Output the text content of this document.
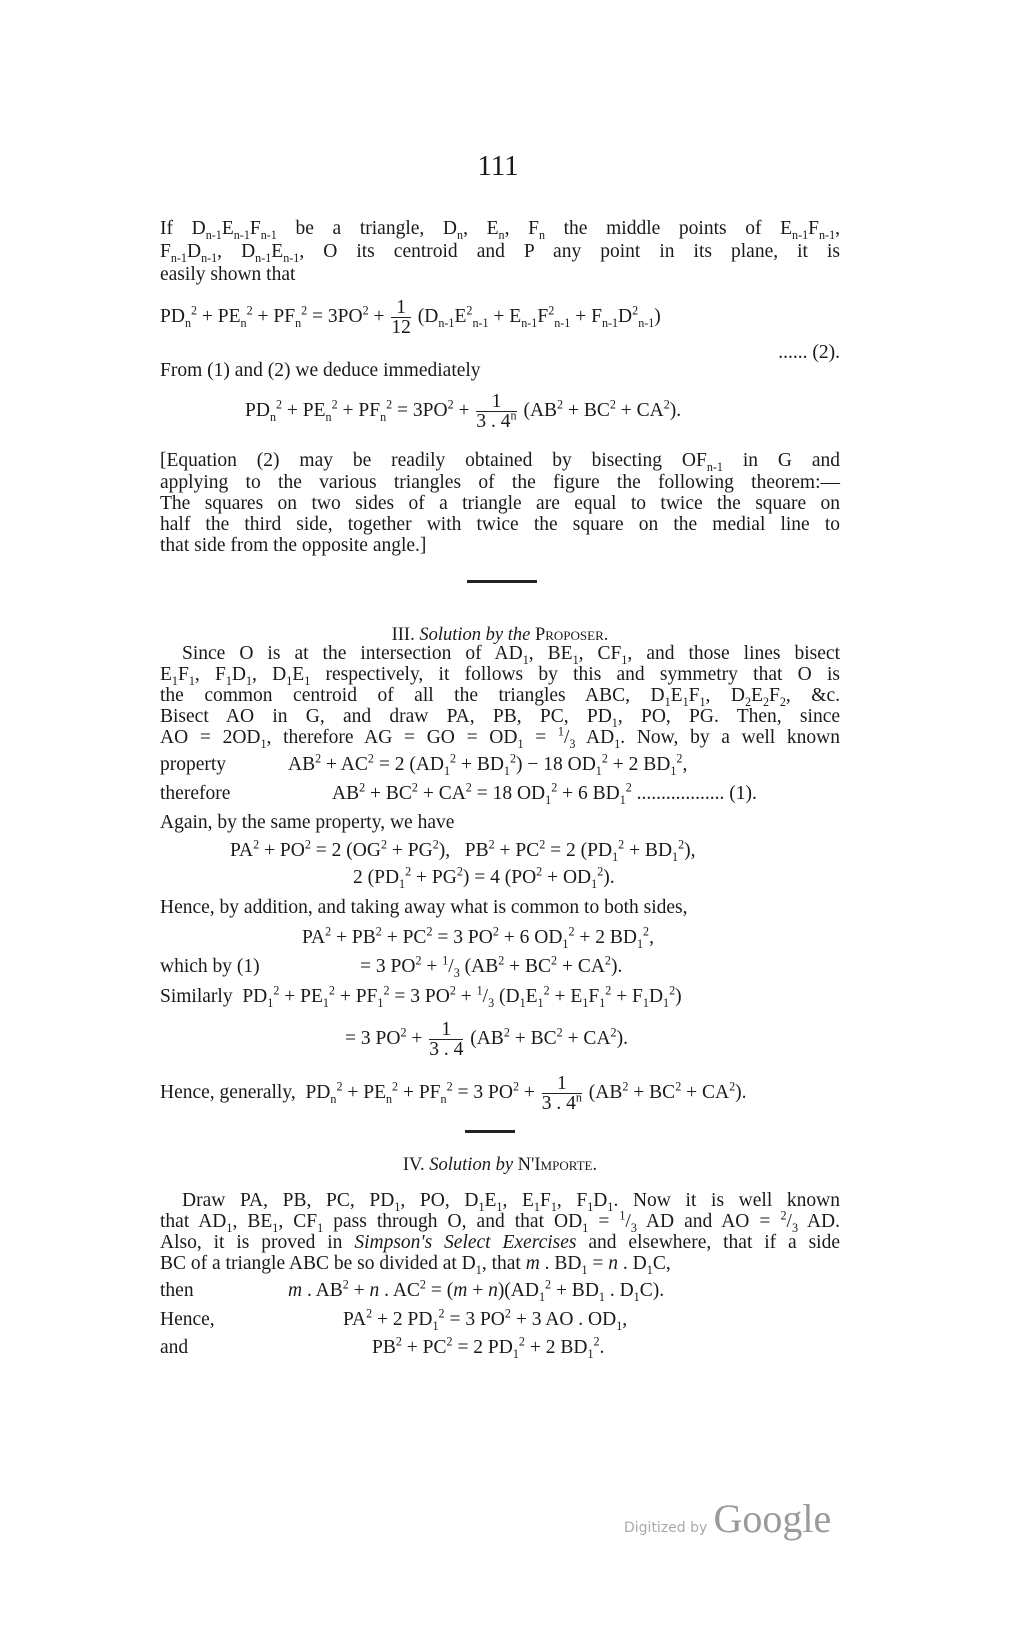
111
If $D_{n-1}E_{n-1}F_{n-1}$ be a triangle, $D_n$, $E_n$, $F_n$ the middle points of $E_{n-1}F_{n-1}$,
$F_{n-1}D_{n-1}$, $D_{n-1}E_{n-1}$, O its centroid and P any point in its plane, it is
easily shown that
$PD_n^2 + PE_n^2 + PF_n^2 = 3PO^2 + \frac{1}{12} (D_{n-1}E^2_{n-1} + E_{n-1}F^2_{n-1} + F_{n-1}D^2_{n-1})$
...... (2).
From (1) and (2) we deduce immediately
$PD_n^2 + PE_n^2 + PF_n^2 = 3PO^2 + \frac{1}{3 . 4^n} (AB^2 + BC^2 + CA^2)$.
[Equation (2) may be readily obtained by bisecting $OF_{n-1}$ in G and
applying to the various triangles of the figure the following theorem:—
The squares on two sides of a triangle are equal to twice the square on
half the third side, together with twice the square on the medial line to
that side from the opposite angle.]
III. Solution by the Proposer.
Since O is at the intersection of $AD_1$, $BE_1$, $CF_1$, and those lines bisect
$E_1F_1$, $F_1D_1$, $D_1E_1$ respectively, it follows by this and symmetry that O is
the common centroid of all the triangles ABC, $D_1E_1F_1$, $D_2E_2F_2$, &c.
Bisect AO in G, and draw PA, PB, PC, $PD_1$, PO, PG. Then, since
AO = $2OD_1$, therefore AG = GO = $OD_1 = ^1/_3$ $AD_1$. Now, by a well known
property	$AB^2 + AC^2 = 2$ $(AD_1^2 + BD_1^2) - 18$ $OD_1^2 + 2$ $BD_1^2$,
therefore	$AB^2 + BC^2 + CA^2 = 18$ $OD_1^2 + 6$ $BD_1^2$ .................. (1).
Again, by the same property, we have
$PA^2 + PO^2 = 2$ $(OG^2 + PG^2)$,   $PB^2 + PC^2 = 2$ $(PD_1^2 + BD_1^2)$,
2 $(PD_1^2 + PG^2) = 4$ $(PO^2 + OD_1^2)$.
Hence, by addition, and taking away what is common to both sides,
$PA^2 + PB^2 + PC^2 = 3$ $PO^2 + 6$ $OD_1^2 + 2$ $BD_1^2$,
which by (1)	= 3 $PO^2 + ^1/_3$ $(AB^2 + BC^2 + CA^2)$.
Similarly  $PD_1^2 + PE_1^2 + PF_1^2 = 3$ $PO^2 + ^1/_3$ $(D_1E_1^2 + E_1F_1^2 + F_1D_1^2)$
= 3 $PO^2 + \frac{1}{3 . 4} (AB^2 + BC^2 + CA^2)$.
Hence, generally,  $PD_n^2 + PE_n^2 + PF_n^2 = 3$ $PO^2 + \frac{1}{3 . 4^n} (AB^2 + BC^2 + CA^2)$.
IV. Solution by N'Importe.
Draw PA, PB, PC, $PD_1$, PO, $D_1E_1$, $E_1F_1$, $F_1D_1$. Now it is well known
that $AD_1$, $BE_1$, $CF_1$ pass through O, and that $OD_1 = ^1/_3$ AD and AO = $^2/_3$ AD.
Also, it is proved in Simpson's Select Exercises and elsewhere, that if a side
BC of a triangle ABC be so divided at $D_1$, that m . $BD_1 = n$ . $D_1C$,
then	m . $AB^2 + n$ . $AC^2 = (m + n)(AD_1^2 + BD_1$ . $D_1C$).
Hence,	$PA^2 + 2$ $PD_1^2 = 3$ $PO^2 + 3$ AO . $OD_1$,
and	$PB^2 + PC^2 = 2$ $PD_1^2 + 2$ $BD_1^2$.
Digitized by Google
